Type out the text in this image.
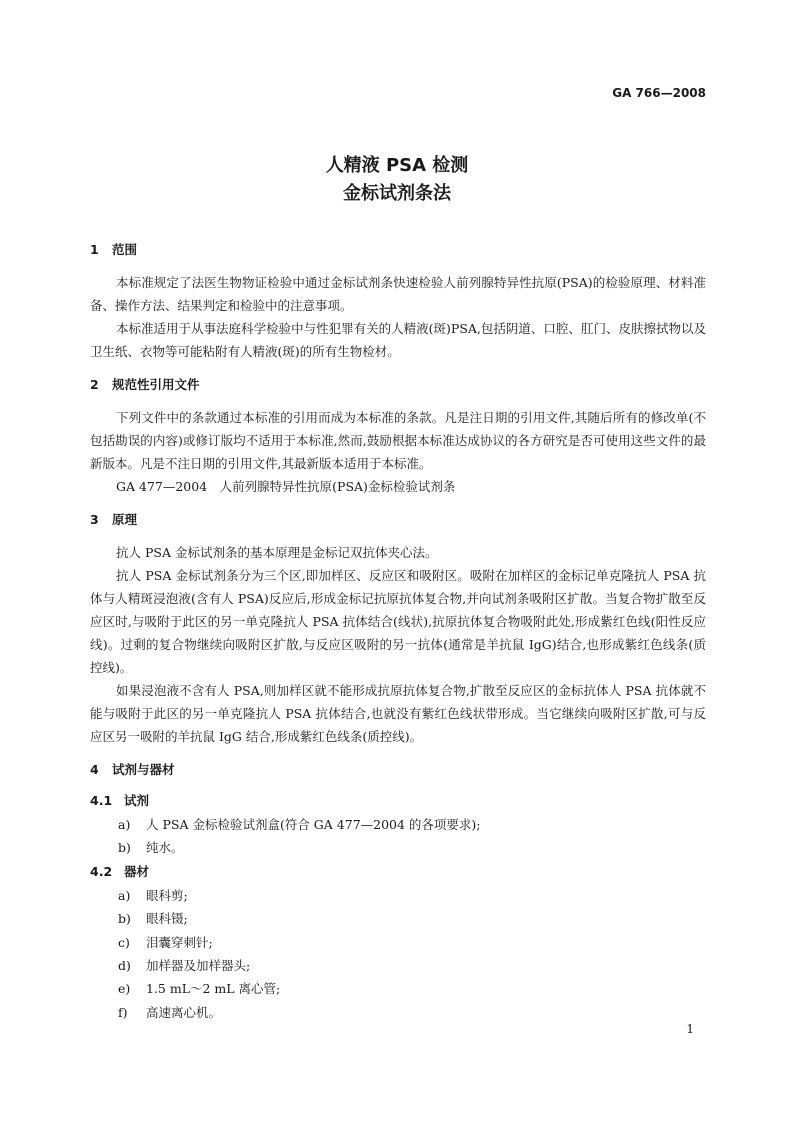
GA 766—2008
人精液 PSA 检测
金标试剂条法
1 范围

本标准规定了法医生物物证检验中通过金标试剂条快速检验人前列腺特异性抗原(PSA)的检验原理、材料准备、操作方法、结果判定和检验中的注意事项。

本标准适用于从事法庭科学检验中与性犯罪有关的人精液(斑)PSA,包括阴道、口腔、肛门、皮肤擦拭物以及卫生纸、衣物等可能粘附有人精液(斑)的所有生物检材。

2 规范性引用文件

下列文件中的条款通过本标准的引用而成为本标准的条款。凡是注日期的引用文件,其随后所有的修改单(不包括勘误的内容)或修订版均不适用于本标准,然而,鼓励根据本标准达成协议的各方研究是否可使用这些文件的最新版本。凡是不注日期的引用文件,其最新版本适用于本标准。

GA 477—2004　人前列腺特异性抗原(PSA)金标检验试剂条

3 原理

抗人 PSA 金标试剂条的基本原理是金标记双抗体夹心法。

抗人 PSA 金标试剂条分为三个区,即加样区、反应区和吸附区。吸附在加样区的金标记单克隆抗人 PSA 抗体与人精斑浸泡液(含有人 PSA)反应后,形成金标记抗原抗体复合物,并向试剂条吸附区扩散。当复合物扩散至反应区时,与吸附于此区的另一单克隆抗人 PSA 抗体结合(线状),抗原抗体复合物吸附此处,形成紫红色线(阳性反应线)。过剩的复合物继续向吸附区扩散,与反应区吸附的另一抗体(通常是羊抗鼠 IgG)结合,也形成紫红色线条(质控线)。

如果浸泡液不含有人 PSA,则加样区就不能形成抗原抗体复合物,扩散至反应区的金标抗体人 PSA 抗体就不能与吸附于此区的另一单克隆抗人 PSA 抗体结合,也就没有紫红色线状带形成。当它继续向吸附区扩散,可与反应区另一吸附的羊抗鼠 IgG 结合,形成紫红色线条(质控线)。

4 试剂与器材
4.1 试剂

a) 人 PSA 金标检验试剂盒(符合 GA 477—2004 的各项要求);

b) 纯水。

4.2 器材

a) 眼科剪;

b) 眼科镊;

c) 泪囊穿刺针;

d) 加样器及加样器头;

e) 1.5 mL～2 mL 离心管;

f) 高速离心机。

1
